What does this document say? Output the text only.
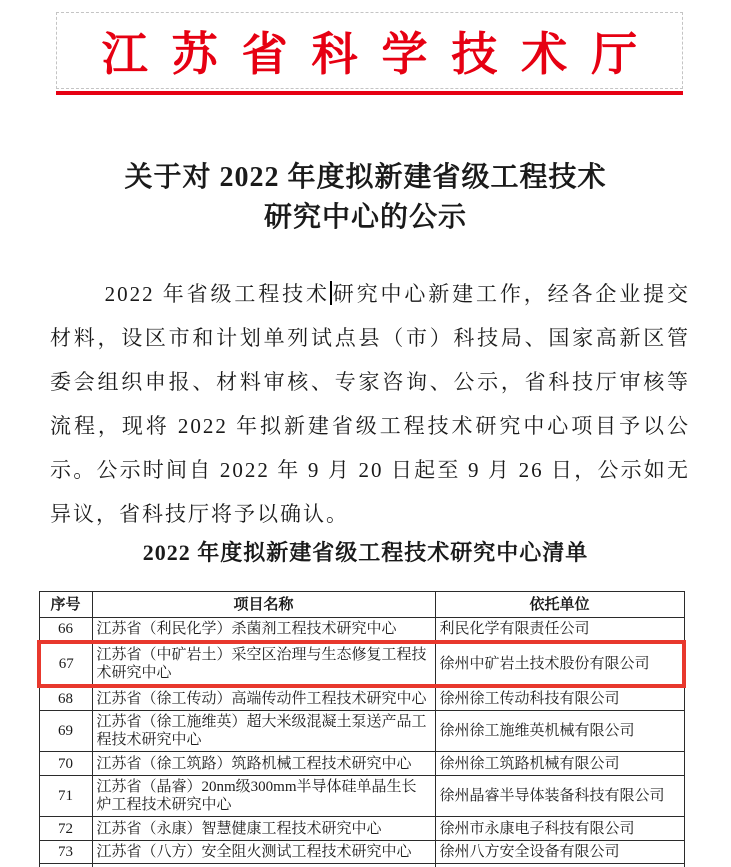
江苏省科学技术厅
关于对 2022 年度拟新建省级工程技术
研究中心的公示
2022 年省级工程技术研究中心新建工作，经各企业提交材料，设区市和计划单列试点县（市）科技局、国家高新区管委会组织申报、材料审核、专家咨询、公示，省科技厅审核等流程，现将 2022 年拟新建省级工程技术研究中心项目予以公示。公示时间自 2022 年 9 月 20 日起至 9 月 26 日，公示如无异议，省科技厅将予以确认。
2022 年度拟新建省级工程技术研究中心清单
序号	项目名称	依托单位
66	江苏省（利民化学）杀菌剂工程技术研究中心	利民化学有限责任公司
67	江苏省（中矿岩土）采空区治理与生态修复工程技术研究中心	徐州中矿岩土技术股份有限公司
68	江苏省（徐工传动）高端传动件工程技术研究中心	徐州徐工传动科技有限公司
69	江苏省（徐工施维英）超大米级混凝土泵送产品工程技术研究中心	徐州徐工施维英机械有限公司
70	江苏省（徐工筑路）筑路机械工程技术研究中心	徐州徐工筑路机械有限公司
71	江苏省（晶睿）20nm级300mm半导体硅单晶生长炉工程技术研究中心	徐州晶睿半导体装备科技有限公司
72	江苏省（永康）智慧健康工程技术研究中心	徐州市永康电子科技有限公司
73	江苏省（八方）安全阻火测试工程技术研究中心	徐州八方安全设备有限公司
